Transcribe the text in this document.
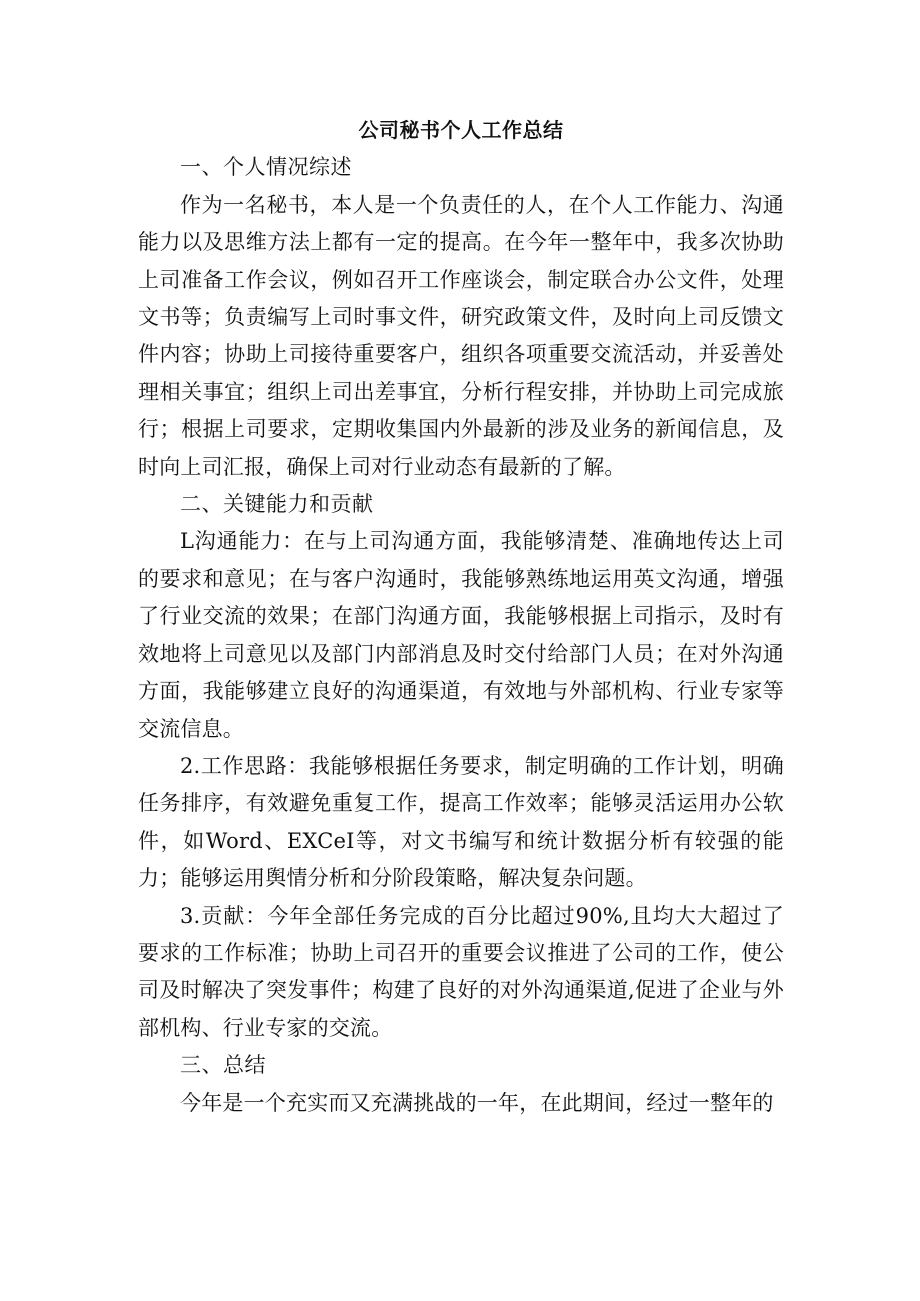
公司秘书个人工作总结

一、个人情况综述

作为一名秘书，本人是一个负责任的人，在个人工作能力、沟通能力以及思维方法上都有一定的提高。在今年一整年中，我多次协助上司准备工作会议，例如召开工作座谈会，制定联合办公文件，处理文书等；负责编写上司时事文件，研究政策文件，及时向上司反馈文件内容；协助上司接待重要客户，组织各项重要交流活动，并妥善处理相关事宜；组织上司出差事宜，分析行程安排，并协助上司完成旅行；根据上司要求，定期收集国内外最新的涉及业务的新闻信息，及时向上司汇报，确保上司对行业动态有最新的了解。

二、关键能力和贡献

L沟通能力：在与上司沟通方面，我能够清楚、准确地传达上司的要求和意见；在与客户沟通时，我能够熟练地运用英文沟通，增强了行业交流的效果；在部门沟通方面，我能够根据上司指示，及时有效地将上司意见以及部门内部消息及时交付给部门人员；在对外沟通方面，我能够建立良好的沟通渠道，有效地与外部机构、行业专家等交流信息。

2.工作思路：我能够根据任务要求，制定明确的工作计划，明确任务排序，有效避免重复工作，提高工作效率；能够灵活运用办公软件，如Word、EXCeI等，对文书编写和统计数据分析有较强的能力；能够运用舆情分析和分阶段策略，解决复杂问题。

3.贡献：今年全部任务完成的百分比超过90%,且均大大超过了要求的工作标准；协助上司召开的重要会议推进了公司的工作，使公司及时解决了突发事件；构建了良好的对外沟通渠道,促进了企业与外部机构、行业专家的交流。

三、总结

今年是一个充实而又充满挑战的一年，在此期间，经过一整年的
